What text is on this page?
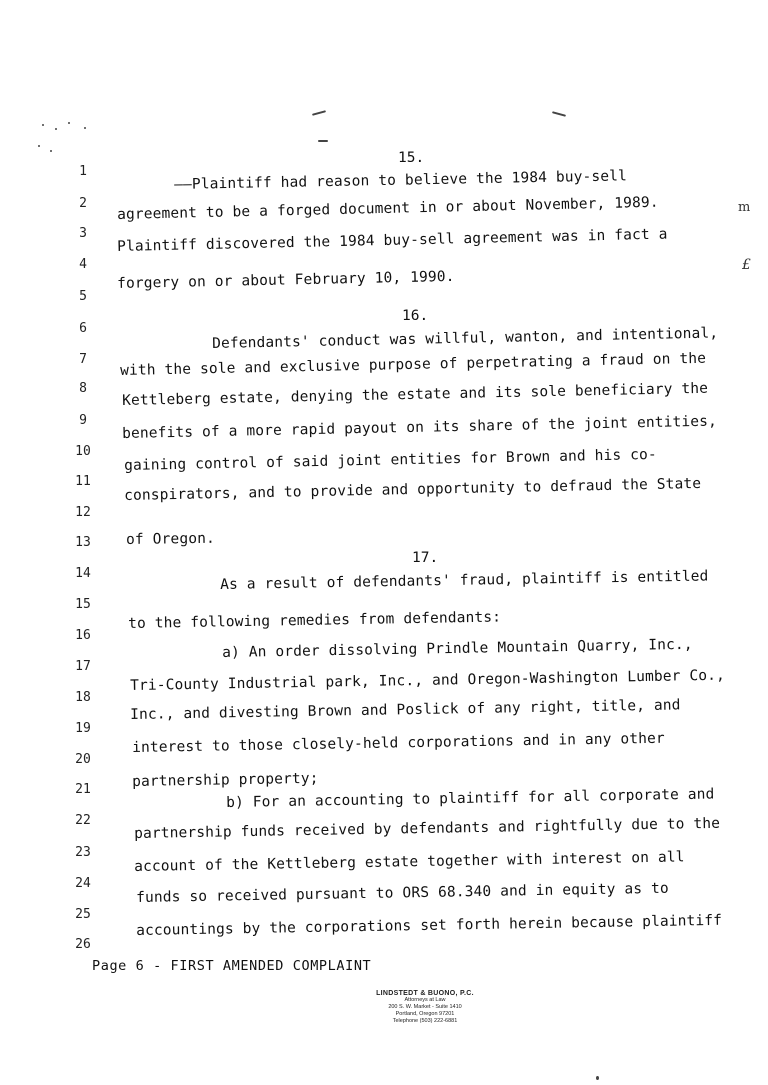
m
£
15.
16.
17.
1
2
3
4
5
6
7
8
9
10
11
12
13
14
15
16
17
18
19
20
21
22
23
24
25
26
——Plaintiff had reason to believe the 1984 buy-sell
agreement to be a forged document in or about November, 1989.
Plaintiff discovered the 1984 buy-sell agreement was in fact a
forgery on or about February 10, 1990.
Defendants' conduct was willful, wanton, and intentional,
with the sole and exclusive purpose of perpetrating a fraud on the
Kettleberg estate, denying the estate and its sole beneficiary the
benefits of a more rapid payout on its share of the joint entities,
gaining control of said joint entities for Brown and his co-
conspirators, and to provide and opportunity to defraud the State
of Oregon.
As a result of defendants' fraud, plaintiff is entitled
to the following remedies from defendants:
a) An order dissolving Prindle Mountain Quarry, Inc.,
Tri-County Industrial park, Inc., and Oregon-Washington Lumber Co.,
Inc., and divesting Brown and Poslick of any right, title, and
interest to those closely-held corporations and in any other
partnership property;
b) For an accounting to plaintiff for all corporate and
partnership funds received by defendants and rightfully due to the
account of the Kettleberg estate together with interest on all
funds so received pursuant to ORS 68.340 and in equity as to
accountings by the corporations set forth herein because plaintiff
Page 6 - FIRST AMENDED COMPLAINT
LINDSTEDT & BUONO, P.C.
Attorneys at Law
200 S. W. Market - Suite 1410
Portland, Oregon 97201
Telephone (503) 222-6881
